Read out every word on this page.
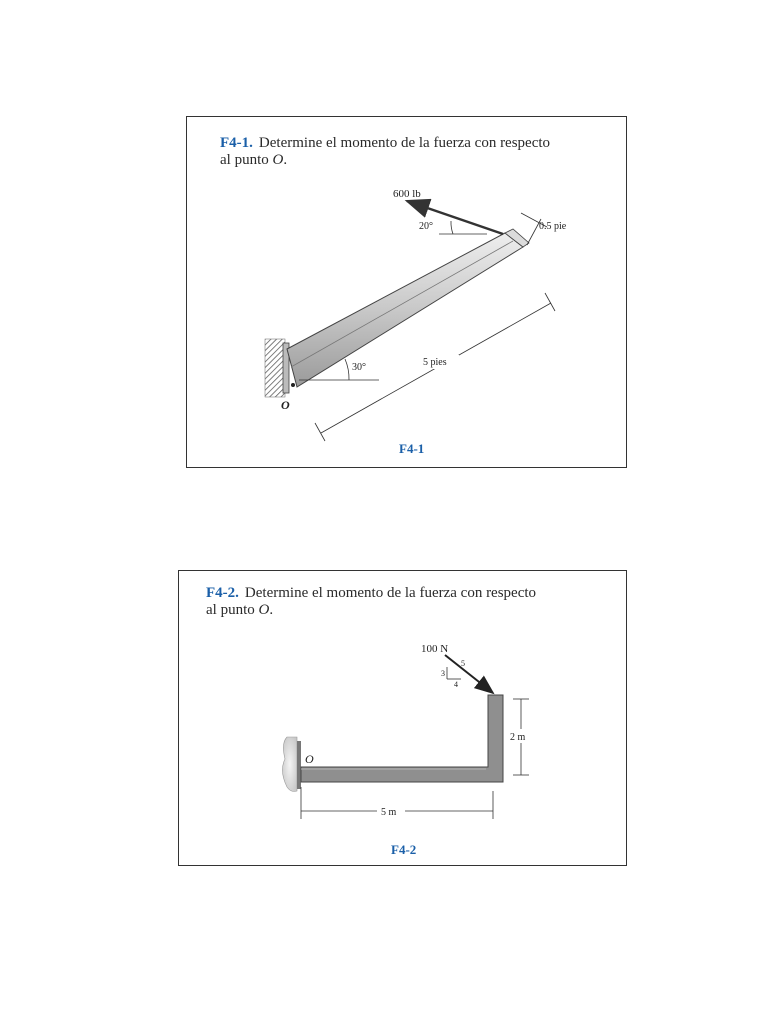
F4-1. Determine el momento de la fuerza con respecto
al punto O.
600 lb
20°	0.5 pie
30°
O
5 pies
F4-1
F4-2. Determine el momento de la fuerza con respecto
al punto O.
O
100 N
5
3
4
2 m
5 m
F4-2
